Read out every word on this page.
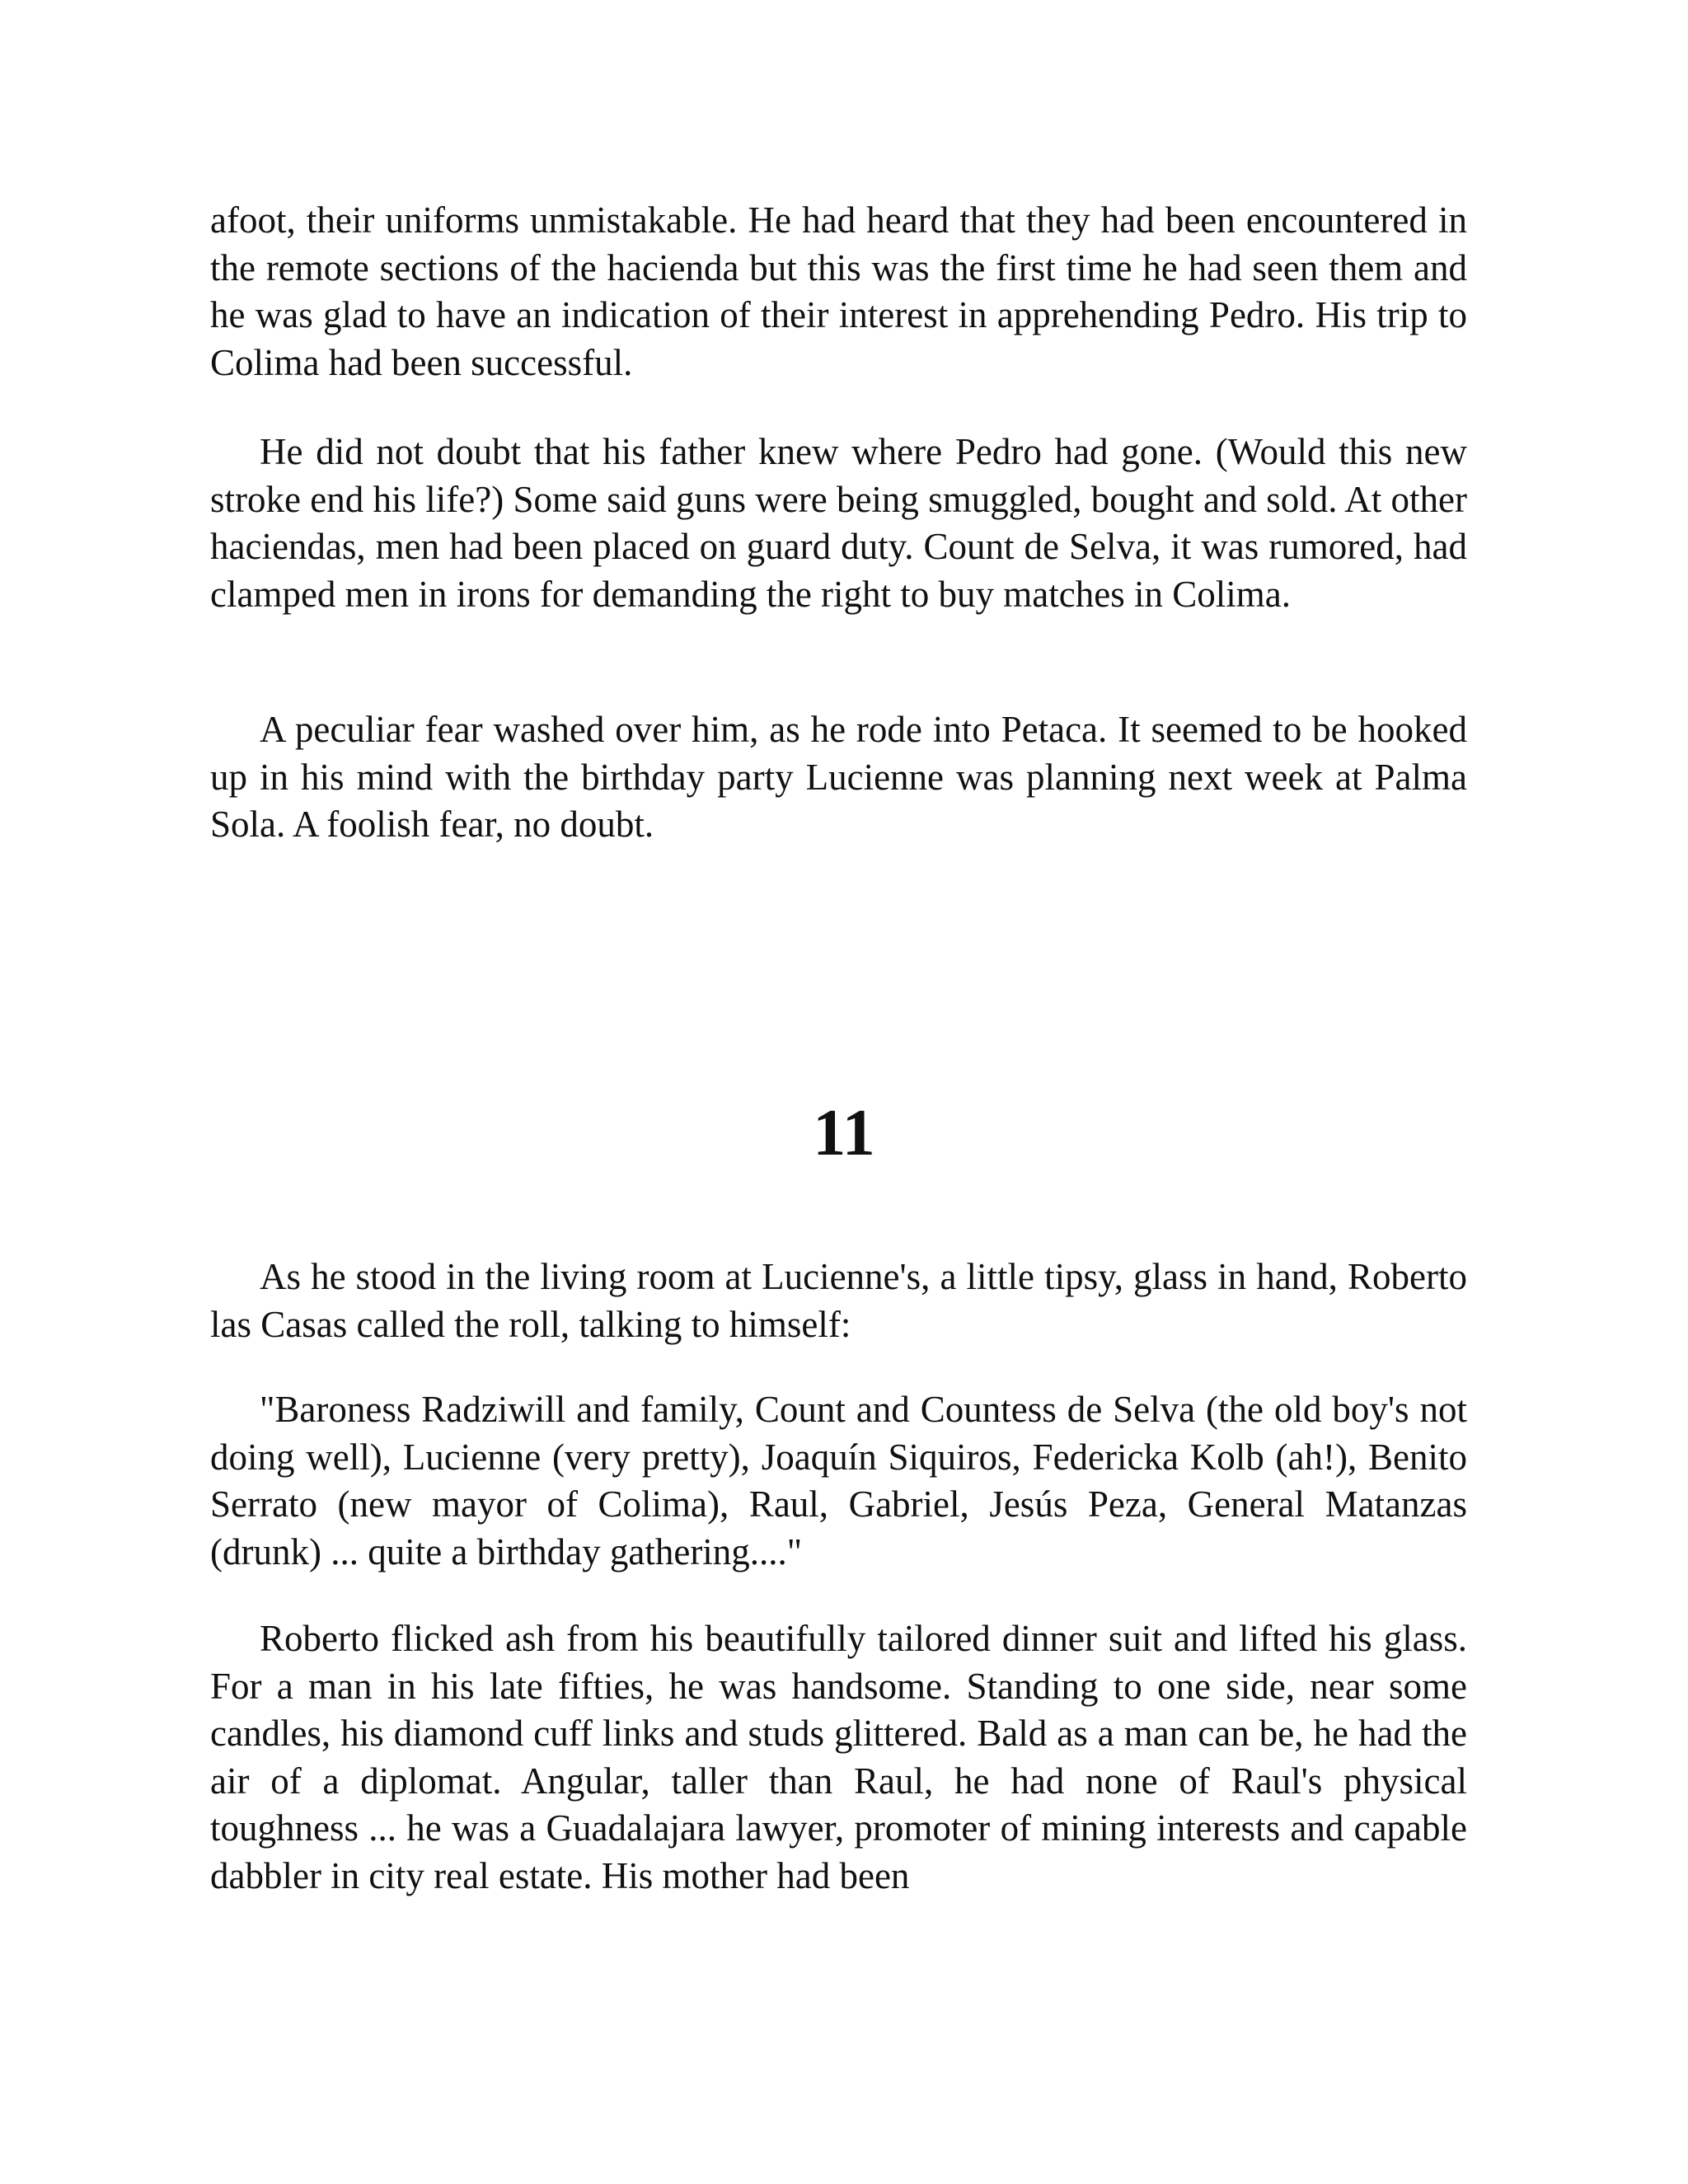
afoot, their uniforms unmistakable. He had heard that they had been encountered in the remote sections of the hacienda but this was the first time he had seen them and he was glad to have an indication of their interest in apprehending Pedro. His trip to Colima had been successful.

He did not doubt that his father knew where Pedro had gone. (Would this new stroke end his life?) Some said guns were being smuggled, bought and sold. At other haciendas, men had been placed on guard duty. Count de Selva, it was rumored, had clamped men in irons for demanding the right to buy matches in Colima.

A peculiar fear washed over him, as he rode into Petaca. It seemed to be hooked up in his mind with the birthday party Lucienne was planning next week at Palma Sola. A foolish fear, no doubt.

11

As he stood in the living room at Lucienne's, a little tipsy, glass in hand, Roberto las Casas called the roll, talking to himself:

"Baroness Radziwill and family, Count and Countess de Selva (the old boy's not doing well), Lucienne (very pretty), Joaquín Siquiros, Federicka Kolb (ah!), Benito Serrato (new mayor of Colima), Raul, Gabriel, Jesús Peza, General Matanzas (drunk) ... quite a birthday gathering...."

Roberto flicked ash from his beautifully tailored dinner suit and lifted his glass. For a man in his late fifties, he was handsome. Standing to one side, near some candles, his diamond cuff links and studs glittered. Bald as a man can be, he had the air of a diplomat. Angular, taller than Raul, he had none of Raul's physical toughness ... he was a Guadalajara lawyer, promoter of mining interests and capable dabbler in city real estate. His mother had been
